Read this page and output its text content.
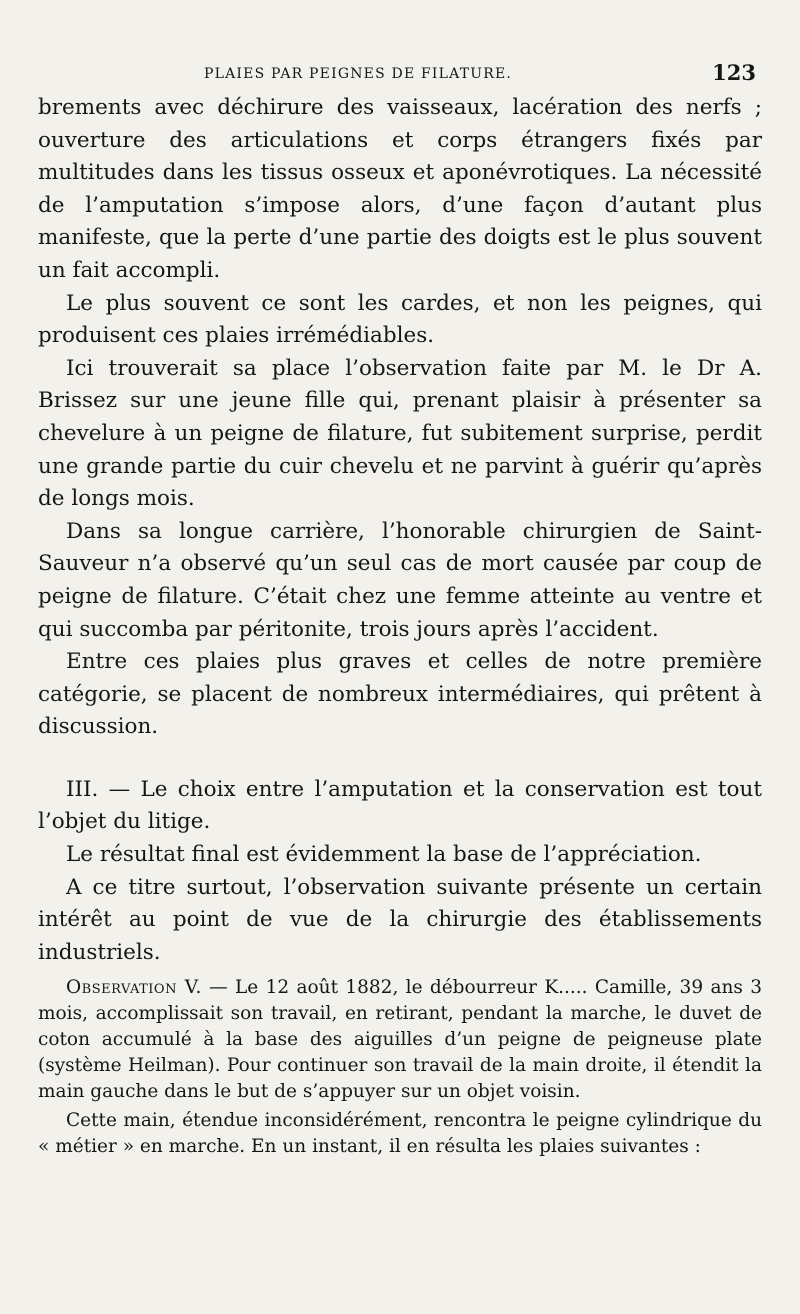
PLAIES PAR PEIGNES DE FILATURE.	123

brements avec déchirure des vaisseaux, lacération des nerfs ; ouverture des articulations et corps étrangers fixés par multitudes dans les tissus osseux et aponévrotiques. La nécessité de l’amputation s’impose alors, d’une façon d’autant plus manifeste, que la perte d’une partie des doigts est le plus souvent un fait accompli.

Le plus souvent ce sont les cardes, et non les peignes, qui produisent ces plaies irrémédiables.

Ici trouverait sa place l’observation faite par M. le Dr A. Brissez sur une jeune fille qui, prenant plaisir à présenter sa chevelure à un peigne de filature, fut subitement surprise, perdit une grande partie du cuir chevelu et ne parvint à guérir qu’après de longs mois.

Dans sa longue carrière, l’honorable chirurgien de Saint-Sauveur n’a observé qu’un seul cas de mort causée par coup de peigne de filature. C’était chez une femme atteinte au ventre et qui succomba par péritonite, trois jours après l’accident.

Entre ces plaies plus graves et celles de notre première catégorie, se placent de nombreux intermédiaires, qui prêtent à discussion.

III. — Le choix entre l’amputation et la conservation est tout l’objet du litige.

Le résultat final est évidemment la base de l’appréciation.

A ce titre surtout, l’observation suivante présente un certain intérêt au point de vue de la chirurgie des établissements industriels.

Observation V. — Le 12 août 1882, le débourreur K..... Camille, 39 ans 3 mois, accomplissait son travail, en retirant, pendant la marche, le duvet de coton accumulé à la base des aiguilles d’un peigne de peigneuse plate (système Heilman). Pour continuer son travail de la main droite, il étendit la main gauche dans le but de s’appuyer sur un objet voisin.

Cette main, étendue inconsidérément, rencontra le peigne cylindrique du « métier » en marche. En un instant, il en résulta les plaies suivantes :
